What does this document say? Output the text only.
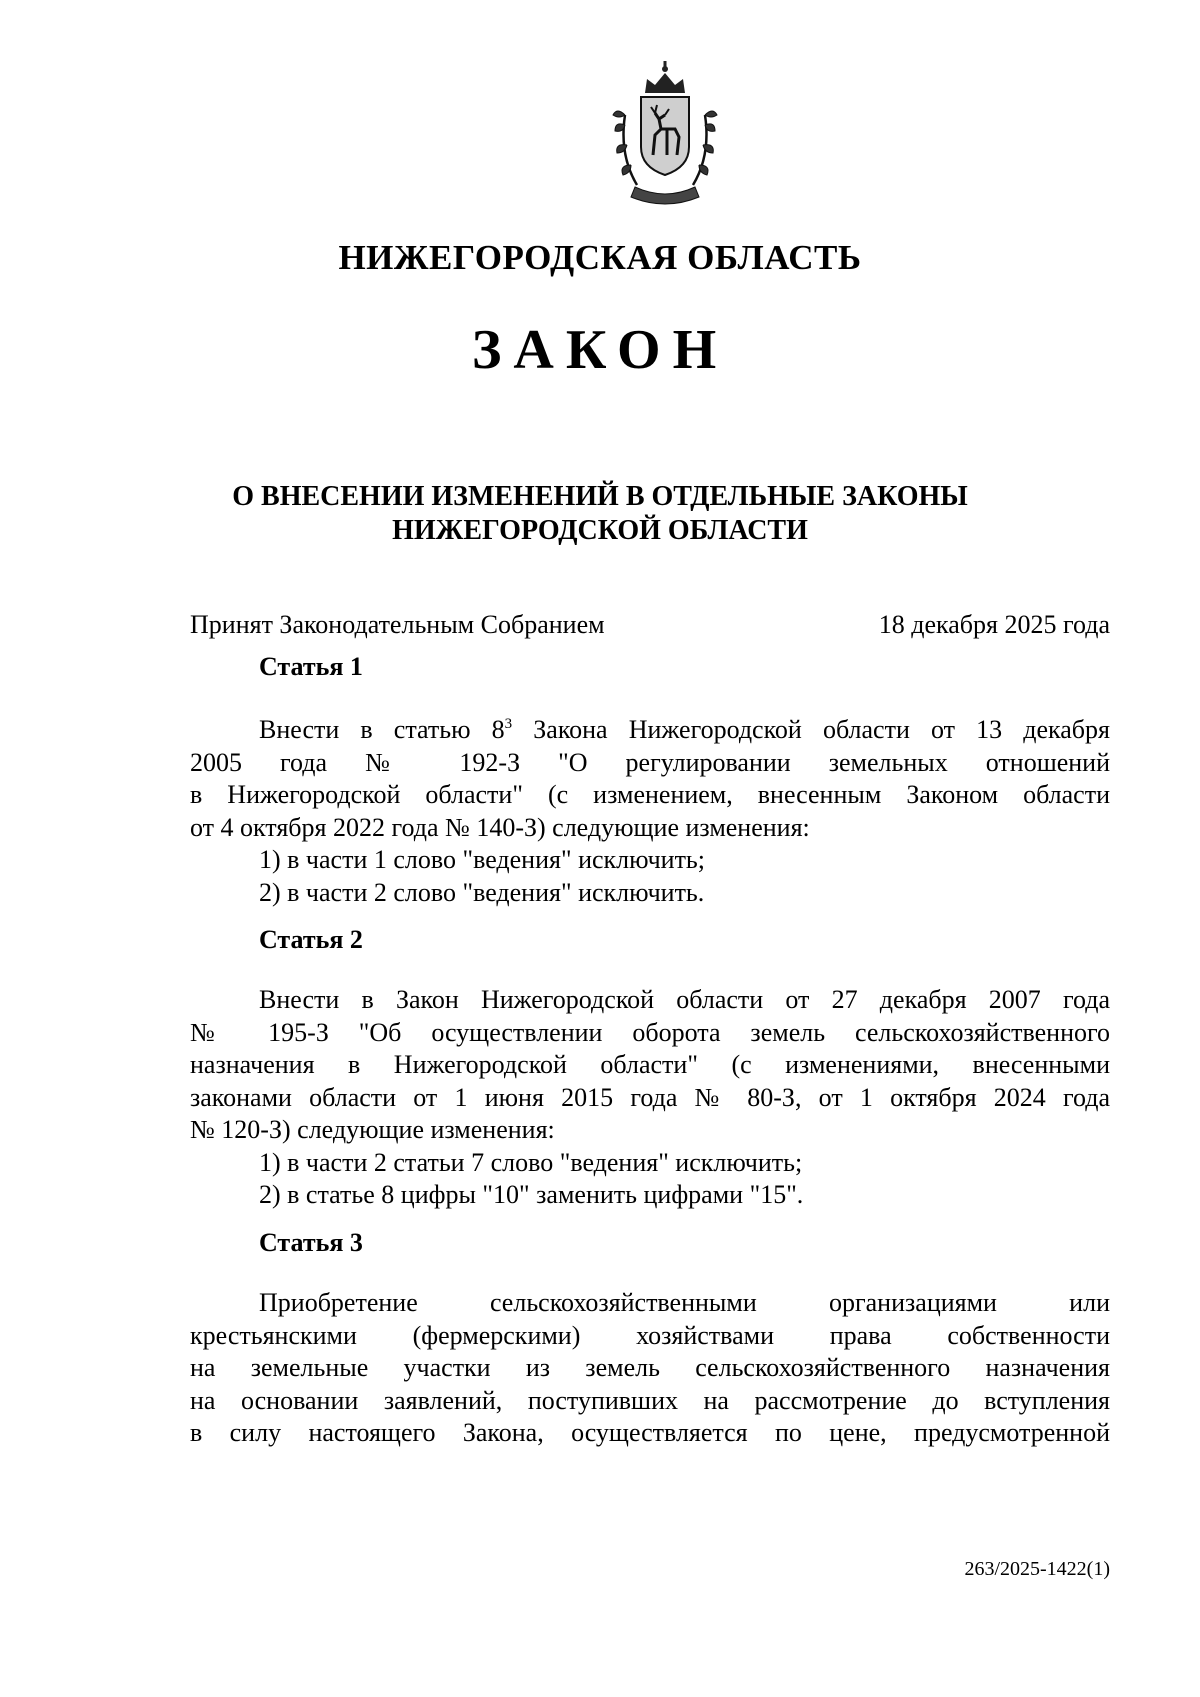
НИЖЕГОРОДСКАЯ ОБЛАСТЬ
ЗАКОН
О ВНЕСЕНИИ ИЗМЕНЕНИЙ В ОТДЕЛЬНЫЕ ЗАКОНЫ
НИЖЕГОРОДСКОЙ ОБЛАСТИ
Принят Законодательным Собранием	18 декабря 2025 года
Статья 1
Внести в статью $8^3$ Закона Нижегородской области от 13 декабря
2005 года № 192-З "О регулировании земельных отношений
в Нижегородской области" (с изменением, внесенным Законом области
от 4 октября 2022 года № 140-З) следующие изменения:
1) в части 1 слово "ведения" исключить;
2) в части 2 слово "ведения" исключить.
Статья 2
Внести в Закон Нижегородской области от 27 декабря 2007 года
№ 195-З "Об осуществлении оборота земель сельскохозяйственного
назначения в Нижегородской области" (с изменениями, внесенными
законами области от 1 июня 2015 года № 80-З, от 1 октября 2024 года
№ 120-З) следующие изменения:
1) в части 2 статьи 7 слово "ведения" исключить;
2) в статье 8 цифры "10" заменить цифрами "15".
Статья 3
Приобретение сельскохозяйственными организациями или
крестьянскими (фермерскими) хозяйствами права собственности
на земельные участки из земель сельскохозяйственного назначения
на основании заявлений, поступивших на рассмотрение до вступления
в силу настоящего Закона, осуществляется по цене, предусмотренной
263/2025-1422(1)
